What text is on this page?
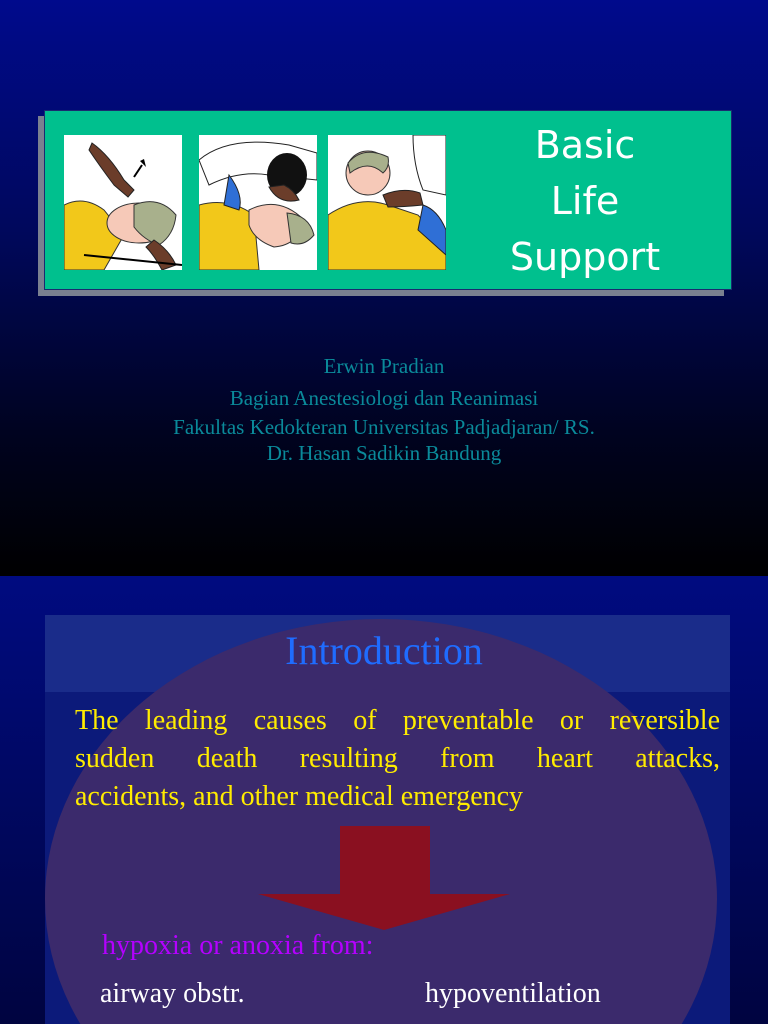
Basic
Life
Support
Erwin Pradian
Bagian Anestesiologi dan Reanimasi
Fakultas Kedokteran Universitas Padjadjaran/ RS.
Dr. Hasan Sadikin Bandung
Introduction
The leading causes of preventable or reversible
sudden death resulting from heart attacks,
accidents, and other medical emergency
hypoxia or anoxia from:
airway obstr.	hypoventilation
